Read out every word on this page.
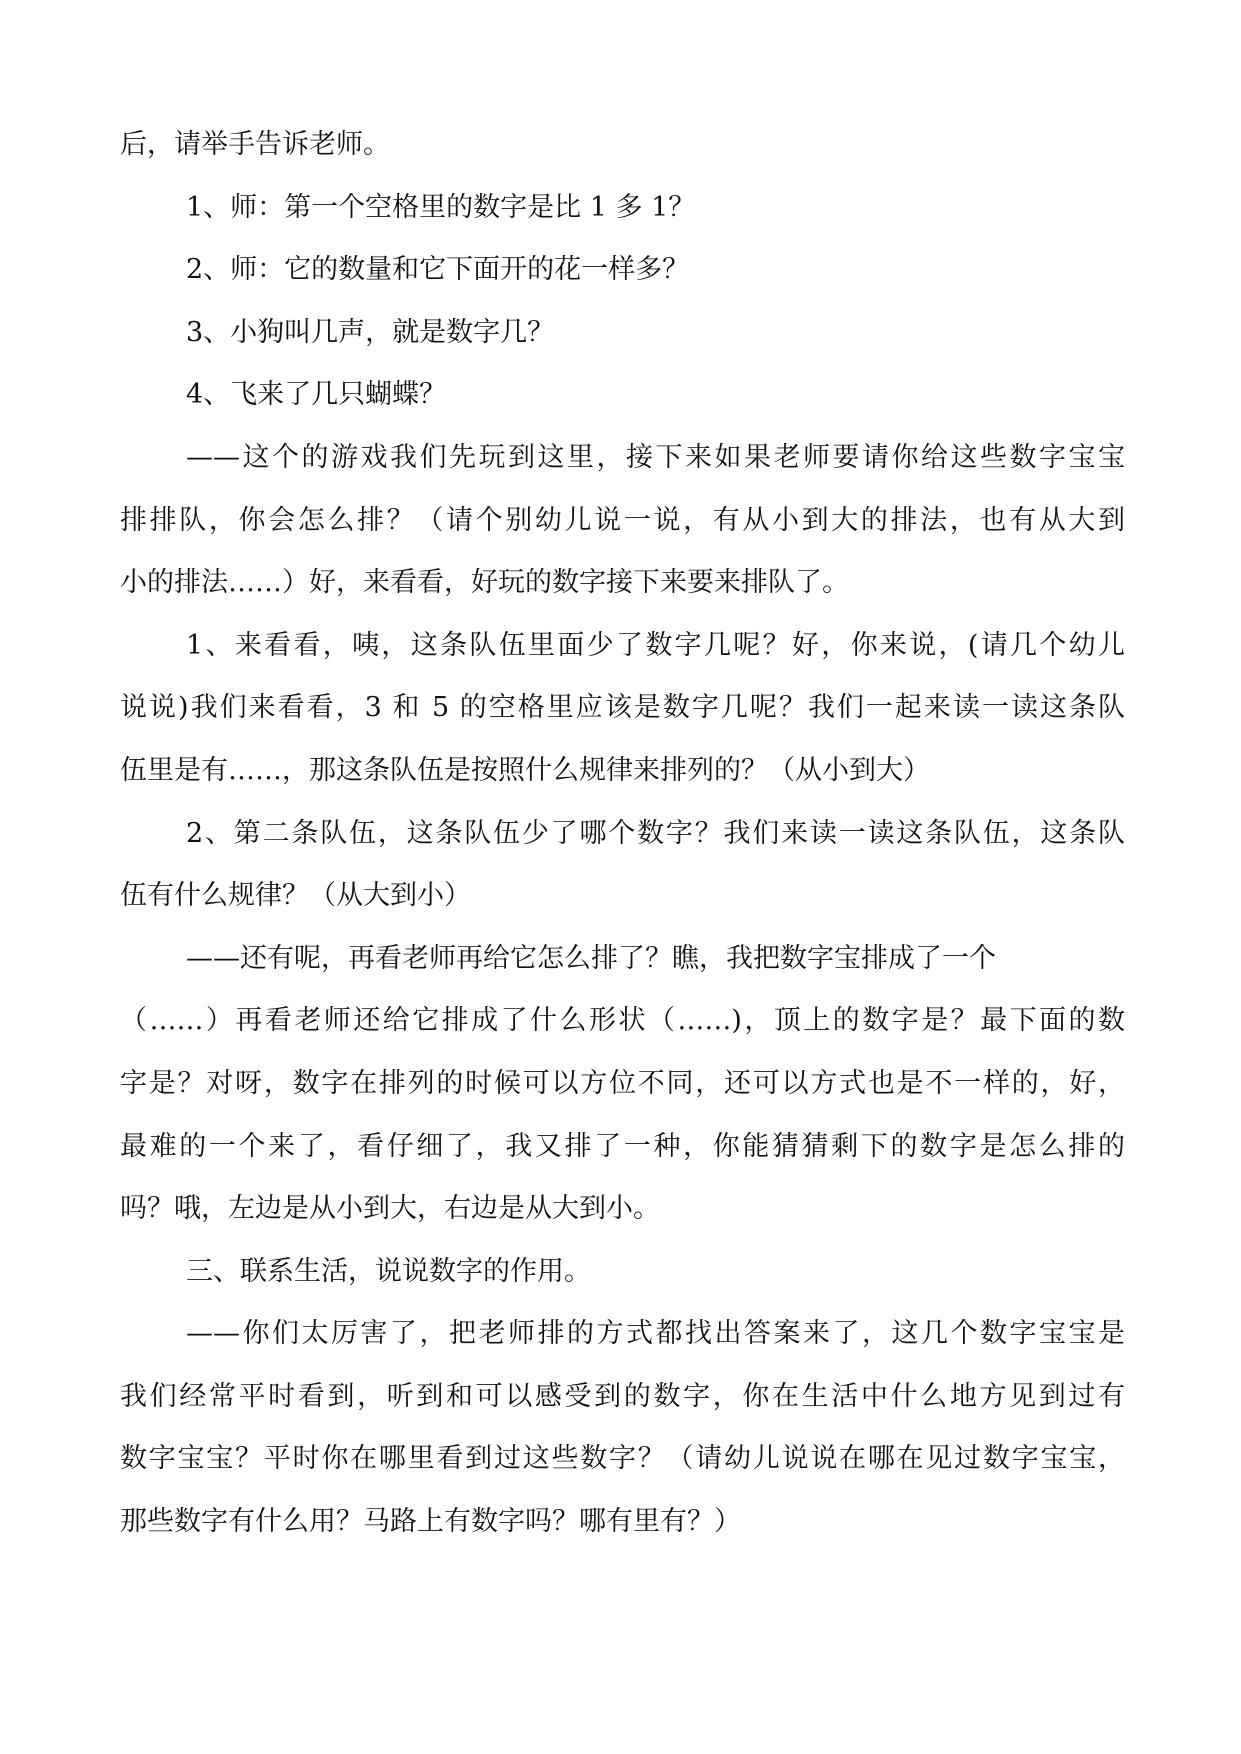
后，请举手告诉老师。
1、师：第一个空格里的数字是比 1 多 1？
2、师：它的数量和它下面开的花一样多？
3、小狗叫几声，就是数字几？
4、飞来了几只蝴蝶？
——这个的游戏我们先玩到这里，接下来如果老师要请你给这些数字宝宝
排排队，你会怎么排？（请个别幼儿说一说，有从小到大的排法，也有从大到
小的排法……）好，来看看，好玩的数字接下来要来排队了。
1、来看看，咦，这条队伍里面少了数字几呢？好，你来说，(请几个幼儿
说说)我们来看看，3 和 5 的空格里应该是数字几呢？我们一起来读一读这条队
伍里是有……，那这条队伍是按照什么规律来排列的？（从小到大）
2、第二条队伍，这条队伍少了哪个数字？我们来读一读这条队伍，这条队
伍有什么规律？（从大到小）
——还有呢，再看老师再给它怎么排了？瞧，我把数字宝排成了一个
（……）再看老师还给它排成了什么形状（……)，顶上的数字是？最下面的数
字是？对呀，数字在排列的时候可以方位不同，还可以方式也是不一样的，好，
最难的一个来了，看仔细了，我又排了一种，你能猜猜剩下的数字是怎么排的
吗？哦，左边是从小到大，右边是从大到小。
三、联系生活，说说数字的作用。
——你们太厉害了，把老师排的方式都找出答案来了，这几个数字宝宝是
我们经常平时看到，听到和可以感受到的数字，你在生活中什么地方见到过有
数字宝宝？平时你在哪里看到过这些数字？（请幼儿说说在哪在见过数字宝宝，
那些数字有什么用？马路上有数字吗？哪有里有？）
